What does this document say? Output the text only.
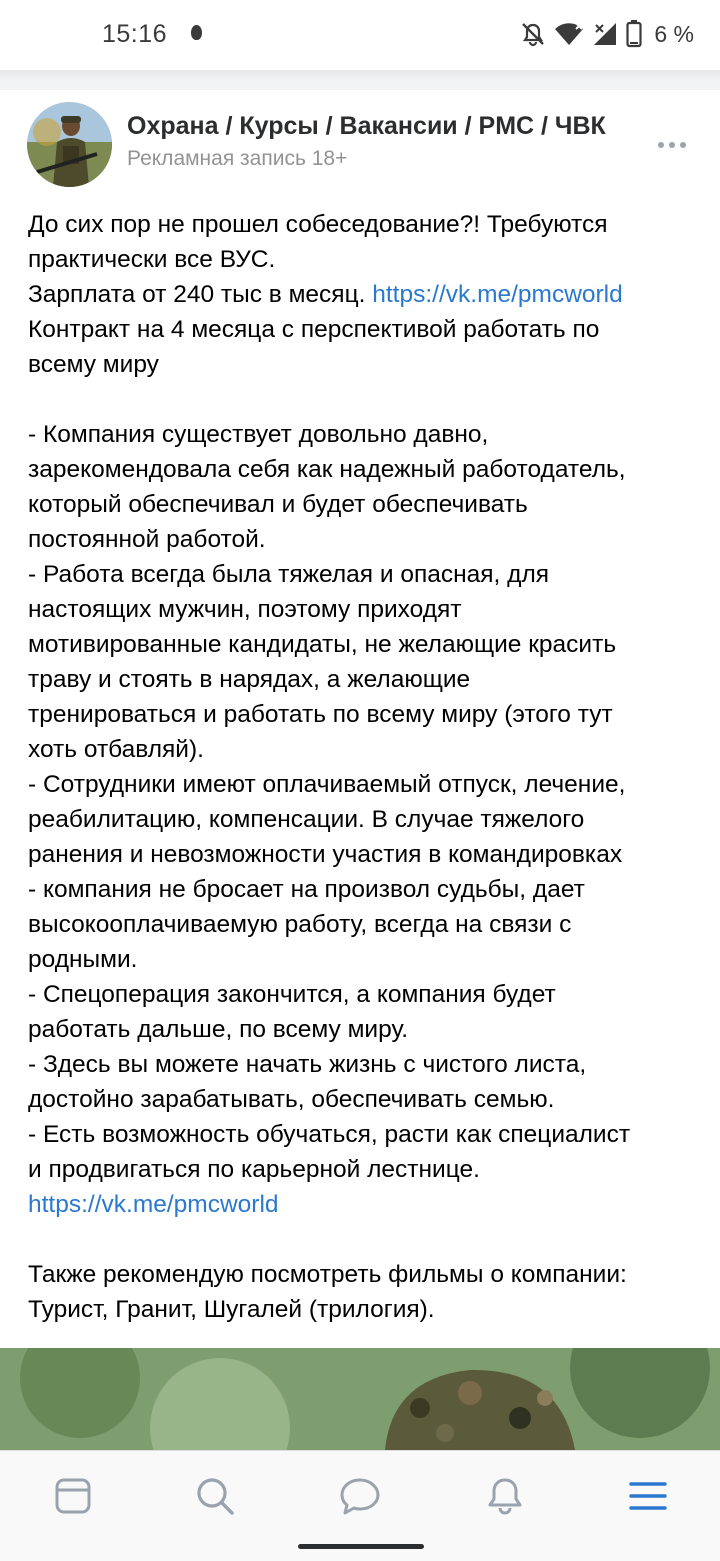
15:16	6 %
Охрана / Курсы / Вакансии / PMC / ЧВК
Рекламная запись 18+
До сих пор не прошел собеседование?! Требуются
практически все ВУС.
Зарплата от 240 тыс в месяц. https://vk.me/pmcworld
Контракт на 4 месяца с перспективой работать по
всему миру
- Компания существует довольно давно,
зарекомендовала себя как надежный работодатель,
который обеспечивал и будет обеспечивать
постоянной работой.
- Работа всегда была тяжелая и опасная, для
настоящих мужчин, поэтому приходят
мотивированные кандидаты, не желающие красить
траву и стоять в нарядах, а желающие
тренироваться и работать по всему миру (этого тут
хоть отбавляй).
- Сотрудники имеют оплачиваемый отпуск, лечение,
реабилитацию, компенсации. В случае тяжелого
ранения и невозможности участия в командировках
- компания не бросает на произвол судьбы, дает
высокооплачиваемую работу, всегда на связи с
родными.
- Спецоперация закончится, а компания будет
работать дальше, по всему миру.
- Здесь вы можете начать жизнь с чистого листа,
достойно зарабатывать, обеспечивать семью.
- Есть возможность обучаться, расти как специалист
и продвигаться по карьерной лестнице.
https://vk.me/pmcworld
Также рекомендую посмотреть фильмы о компании:
Турист, Гранит, Шугалей (трилогия).
